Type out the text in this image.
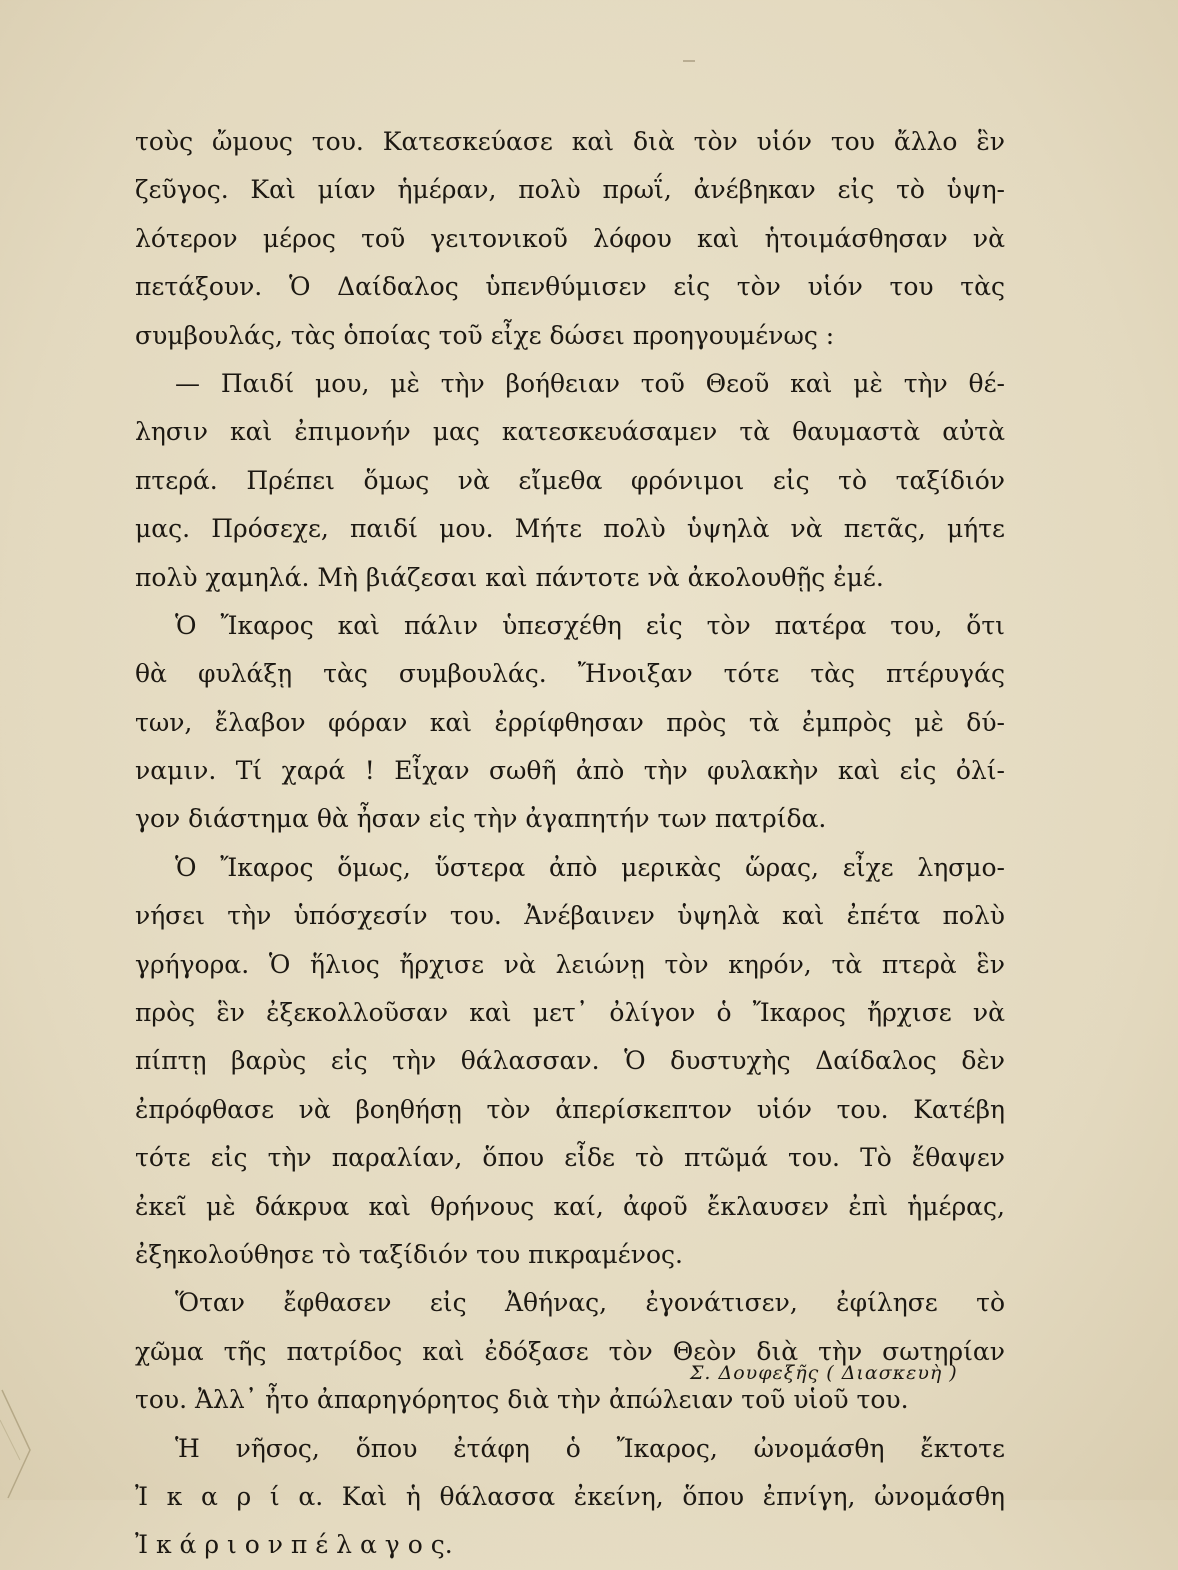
τοὺς ὤμους του. Κατεσκεύασε καὶ διὰ τὸν υἱόν του ἄλλο ἓν
ζεῦγος. Καὶ μίαν ἡμέραν, πολὺ πρωΐ, ἀνέβηκαν εἰς τὸ ὑψη-
λότερον μέρος τοῦ γειτονικοῦ λόφου καὶ ἡτοιμάσθησαν νὰ
πετάξουν. Ὁ Δαίδαλος ὑπενθύμισεν εἰς τὸν υἱόν του τὰς
συμβουλάς, τὰς ὁποίας τοῦ εἶχε δώσει προηγουμένως :
— Παιδί μου, μὲ τὴν βοήθειαν τοῦ Θεοῦ καὶ μὲ τὴν θέ-
λησιν καὶ ἐπιμονήν μας κατεσκευάσαμεν τὰ θαυμαστὰ αὐτὰ
πτερά. Πρέπει ὅμως νὰ εἴμεθα φρόνιμοι εἰς τὸ ταξίδιόν
μας. Πρόσεχε, παιδί μου. Μήτε πολὺ ὑψηλὰ νὰ πετᾶς, μήτε
πολὺ χαμηλά. Μὴ βιάζεσαι καὶ πάντοτε νὰ ἀκολουθῇς ἐμέ.
Ὁ Ἴκαρος καὶ πάλιν ὑπεσχέθη εἰς τὸν πατέρα του, ὅτι
θὰ φυλάξῃ τὰς συμβουλάς. Ἤνοιξαν τότε τὰς πτέρυγάς
των, ἔλαβον φόραν καὶ ἐρρίφθησαν πρὸς τὰ ἐμπρὸς μὲ δύ-
ναμιν. Τί χαρά ! Εἶχαν σωθῆ ἀπὸ τὴν φυλακὴν καὶ εἰς ὀλί-
γον διάστημα θὰ ἦσαν εἰς τὴν ἀγαπητήν των πατρίδα.
Ὁ Ἴκαρος ὅμως, ὕστερα ἀπὸ μερικὰς ὥρας, εἶχε λησμο-
νήσει τὴν ὑπόσχεσίν του. Ἀνέβαινεν ὑψηλὰ καὶ ἐπέτα πολὺ
γρήγορα. Ὁ ἥλιος ἤρχισε νὰ λειώνῃ τὸν κηρόν, τὰ πτερὰ ἓν
πρὸς ἓν ἐξεκολλοῦσαν καὶ μετ᾿ ὀλίγον ὁ Ἴκαρος ἤρχισε νὰ
πίπτῃ βαρὺς εἰς τὴν θάλασσαν. Ὁ δυστυχὴς Δαίδαλος δὲν
ἐπρόφθασε νὰ βοηθήσῃ τὸν ἀπερίσκεπτον υἱόν του. Κατέβη
τότε εἰς τὴν παραλίαν, ὅπου εἶδε τὸ πτῶμά του. Τὸ ἔθαψεν
ἐκεῖ μὲ δάκρυα καὶ θρήνους καί, ἀφοῦ ἔκλαυσεν ἐπὶ ἡμέρας,
ἐξηκολούθησε τὸ ταξίδιόν του πικραμένος.
Ὅταν ἔφθασεν εἰς Ἀθήνας, ἐγονάτισεν, ἐφίλησε τὸ
χῶμα τῆς πατρίδος καὶ ἐδόξασε τὸν Θεὸν διὰ τὴν σωτηρίαν
του. Ἀλλ᾿ ἦτο ἀπαρηγόρητος διὰ τὴν ἀπώλειαν τοῦ υἱοῦ του.
Ἡ νῆσος, ὅπου ἐτάφη ὁ Ἴκαρος, ὠνομάσθη ἔκτοτε
Ἰ κ α ρ ί α. Καὶ ἡ θάλασσα ἐκείνη, ὅπου ἐπνίγη, ὠνομάσθη
Ἰ κ ά ρ ι ο ν π έ λ α γ ο ς.
Σ. Δουφεξῆς ( Διασκευὴ )
